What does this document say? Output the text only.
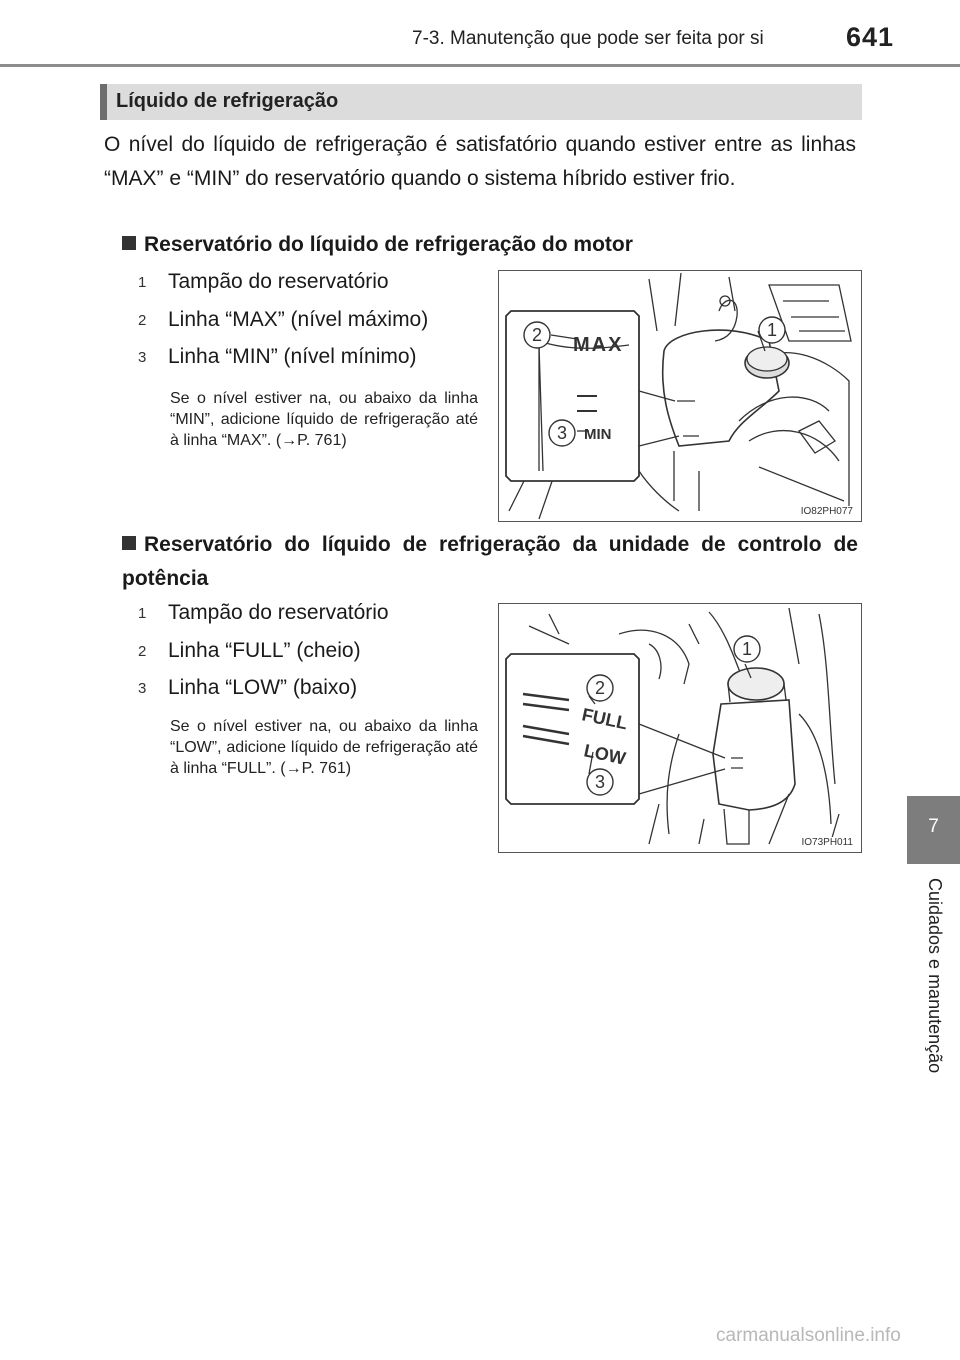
7-3. Manutenção que pode ser feita por si	641
Líquido de refrigeração
O nível do líquido de refrigeração é satisfatório quando estiver entre as linhas “MAX” e “MIN” do reservatório quando o sistema híbrido estiver frio.
Reservatório do líquido de refrigeração do motor
1 Tampão do reservatório
2 Linha “MAX” (nível máximo)
3 Linha “MIN” (nível mínimo)
Se o nível estiver na, ou abaixo da linha “MIN”, adicione líquido de refrigeração até à linha “MAX”. (→P. 761)
MAX
MIN
1
2
3
IO82PH077
Reservatório do líquido de refrigeração da unidade de controlo de potência
1 Tampão do reservatório
2 Linha “FULL” (cheio)
3 Linha “LOW” (baixo)
Se o nível estiver na, ou abaixo da linha “LOW”, adicione líquido de refrigeração até à linha “FULL”. (→P. 761)
FULL
LOW
1
2
3
IO73PH011
7
Cuidados e manutenção
carmanualsonline.info
